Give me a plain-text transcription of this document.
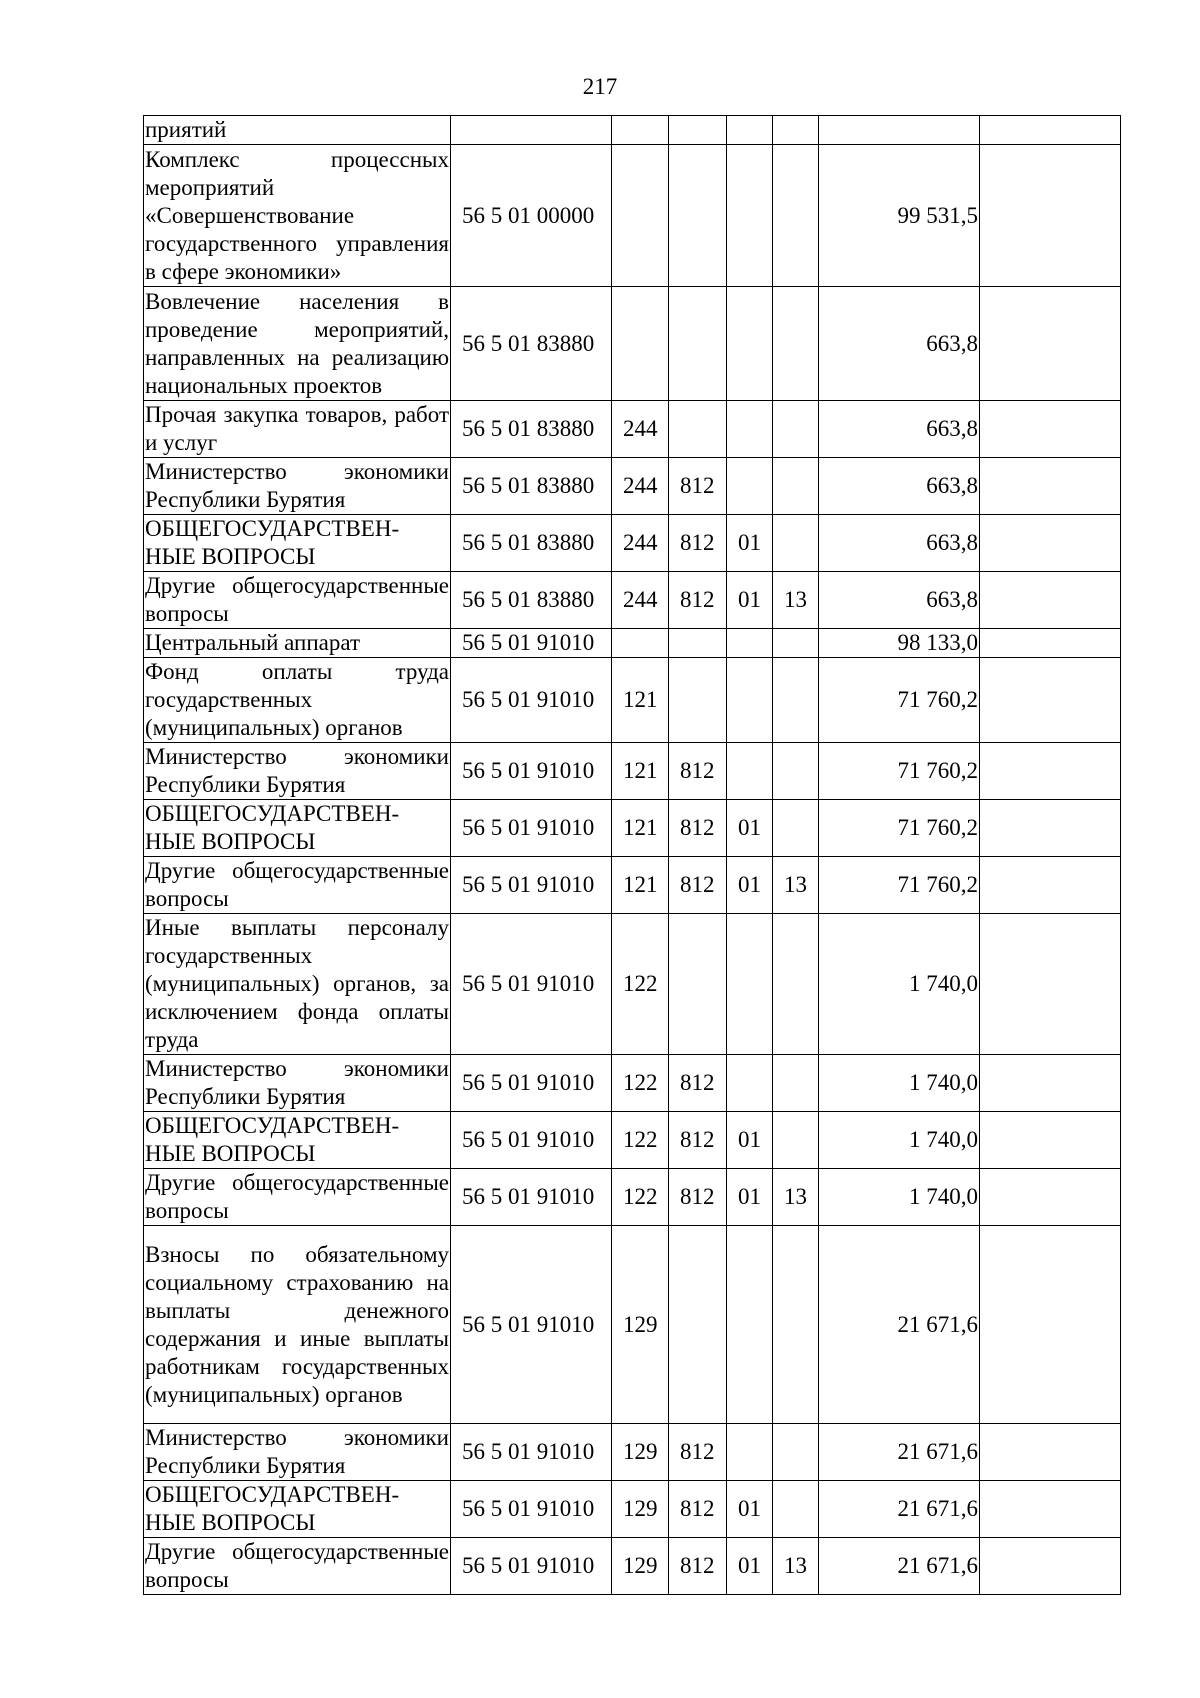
217
приятий							
Комплекс процессных мероприятий «Совершенствование государственного управления в сфере экономики»	56 5 01 00000					99 531,5	
Вовлечение населения в проведение мероприятий, направленных на реализацию национальных проектов	56 5 01 83880					663,8	
Прочая закупка товаров, работ и услуг	56 5 01 83880	244				663,8	
Министерство экономики Республики Бурятия	56 5 01 83880	244	812			663,8	
ОБЩЕГОСУДАРСТВЕН-НЫЕ ВОПРОСЫ	56 5 01 83880	244	812	01		663,8	
Другие общегосударственные вопросы	56 5 01 83880	244	812	01	13	663,8	
Центральный аппарат	56 5 01 91010					98 133,0	
Фонд оплаты труда государственных (муниципальных) органов	56 5 01 91010	121				71 760,2	
Министерство экономики Республики Бурятия	56 5 01 91010	121	812			71 760,2	
ОБЩЕГОСУДАРСТВЕН-НЫЕ ВОПРОСЫ	56 5 01 91010	121	812	01		71 760,2	
Другие общегосударственные вопросы	56 5 01 91010	121	812	01	13	71 760,2	
Иные выплаты персоналу государственных (муниципальных) органов, за исключением фонда оплаты труда	56 5 01 91010	122				1 740,0	
Министерство экономики Республики Бурятия	56 5 01 91010	122	812			1 740,0	
ОБЩЕГОСУДАРСТВЕН-НЫЕ ВОПРОСЫ	56 5 01 91010	122	812	01		1 740,0	
Другие общегосударственные вопросы	56 5 01 91010	122	812	01	13	1 740,0	
Взносы по обязательному социальному страхованию на выплаты денежного содержания и иные выплаты работникам государственных (муниципальных) органов	56 5 01 91010	129				21 671,6	
Министерство экономики Республики Бурятия	56 5 01 91010	129	812			21 671,6	
ОБЩЕГОСУДАРСТВЕН-НЫЕ ВОПРОСЫ	56 5 01 91010	129	812	01		21 671,6	
Другие общегосударственные вопросы	56 5 01 91010	129	812	01	13	21 671,6	
